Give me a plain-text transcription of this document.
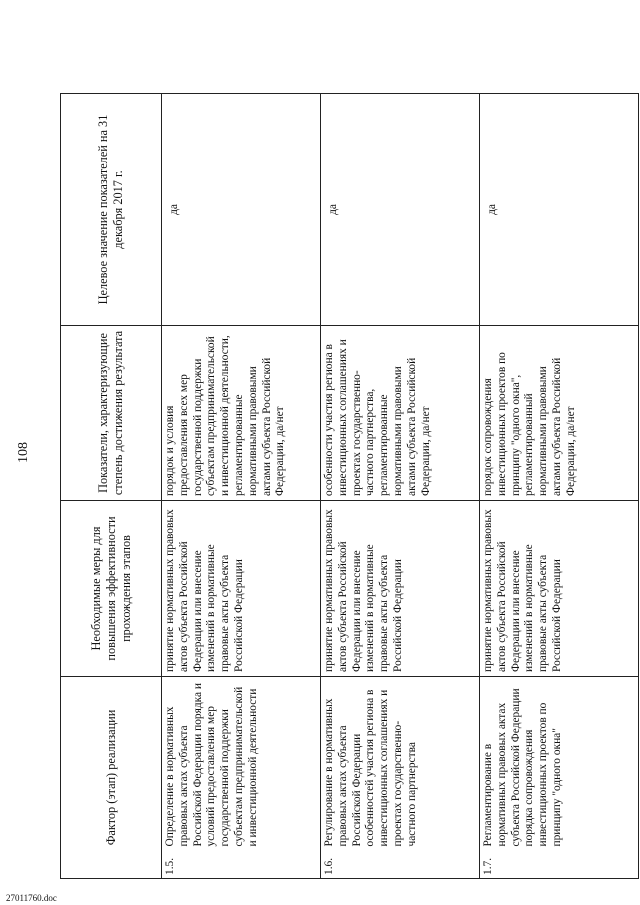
108
27011760.doc
Фактор (этап) реализации		Необходимые меры для повышения эффективности прохождения этапов	Показатели, характеризующие степень достижения результата	Целевое значение показателей на 31 декабря 2017 г.
1.5.	Определение в нормативных правовых актах субъекта Российской Федерации порядка и условий предоставления мер государственной поддержки субъектам предпринимательской и инвестиционной деятельности	принятие нормативных правовых актов субъекта Российской Федерации или внесение изменений в нормативные правовые акты субъекта Российской Федерации	порядок и условия предоставления всех мер государственной поддержки субъектам предпринимательской и инвестиционной деятельности, регламентированные нормативными правовыми актами субъекта Российской Федерации, да/нет	да
1.6.	Регулирование в нормативных правовых актах субъекта Российской Федерации особенностей участия региона в инвестиционных соглашениях и проектах государственно-частного партнерства	принятие нормативных правовых актов субъекта Российской Федерации или внесение изменений в нормативные правовые акты субъекта Российской Федерации	особенности участия региона в инвестиционных соглашениях и проектах государственно-частного партнерства, регламентированные нормативными правовыми актами субъекта Российской Федерации, да/нет	да
1.7.	Регламентирование в нормативных правовых актах субъекта Российской Федерации порядка сопровождения инвестиционных проектов по принципу "одного окна"	принятие нормативных правовых актов субъекта Российской Федерации или внесение изменений в нормативные правовые акты субъекта Российской Федерации	порядок сопровождения инвестиционных проектов по принципу "одного окна", регламентированный нормативными правовыми актами субъекта Российской Федерации, да/нет	да
